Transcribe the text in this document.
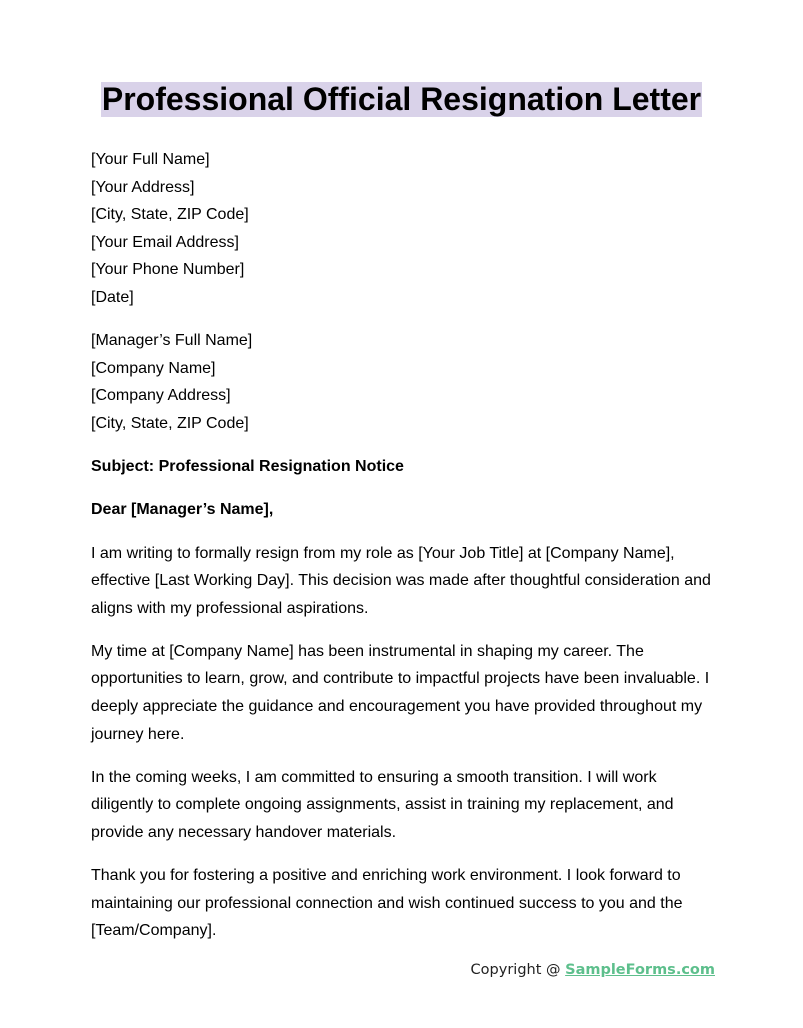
Professional Official Resignation Letter
[Your Full Name]
[Your Address]
[City, State, ZIP Code]
[Your Email Address]
[Your Phone Number]
[Date]
[Manager’s Full Name]
[Company Name]
[Company Address]
[City, State, ZIP Code]

Subject: Professional Resignation Notice

Dear [Manager’s Name],

I am writing to formally resign from my role as [Your Job Title] at [Company Name], effective [Last Working Day]. This decision was made after thoughtful consideration and aligns with my professional aspirations.

My time at [Company Name] has been instrumental in shaping my career. The opportunities to learn, grow, and contribute to impactful projects have been invaluable. I deeply appreciate the guidance and encouragement you have provided throughout my journey here.

In the coming weeks, I am committed to ensuring a smooth transition. I will work diligently to complete ongoing assignments, assist in training my replacement, and provide any necessary handover materials.

Thank you for fostering a positive and enriching work environment. I look forward to maintaining our professional connection and wish continued success to you and the [Team/Company].

Copyright @ SampleForms.com
